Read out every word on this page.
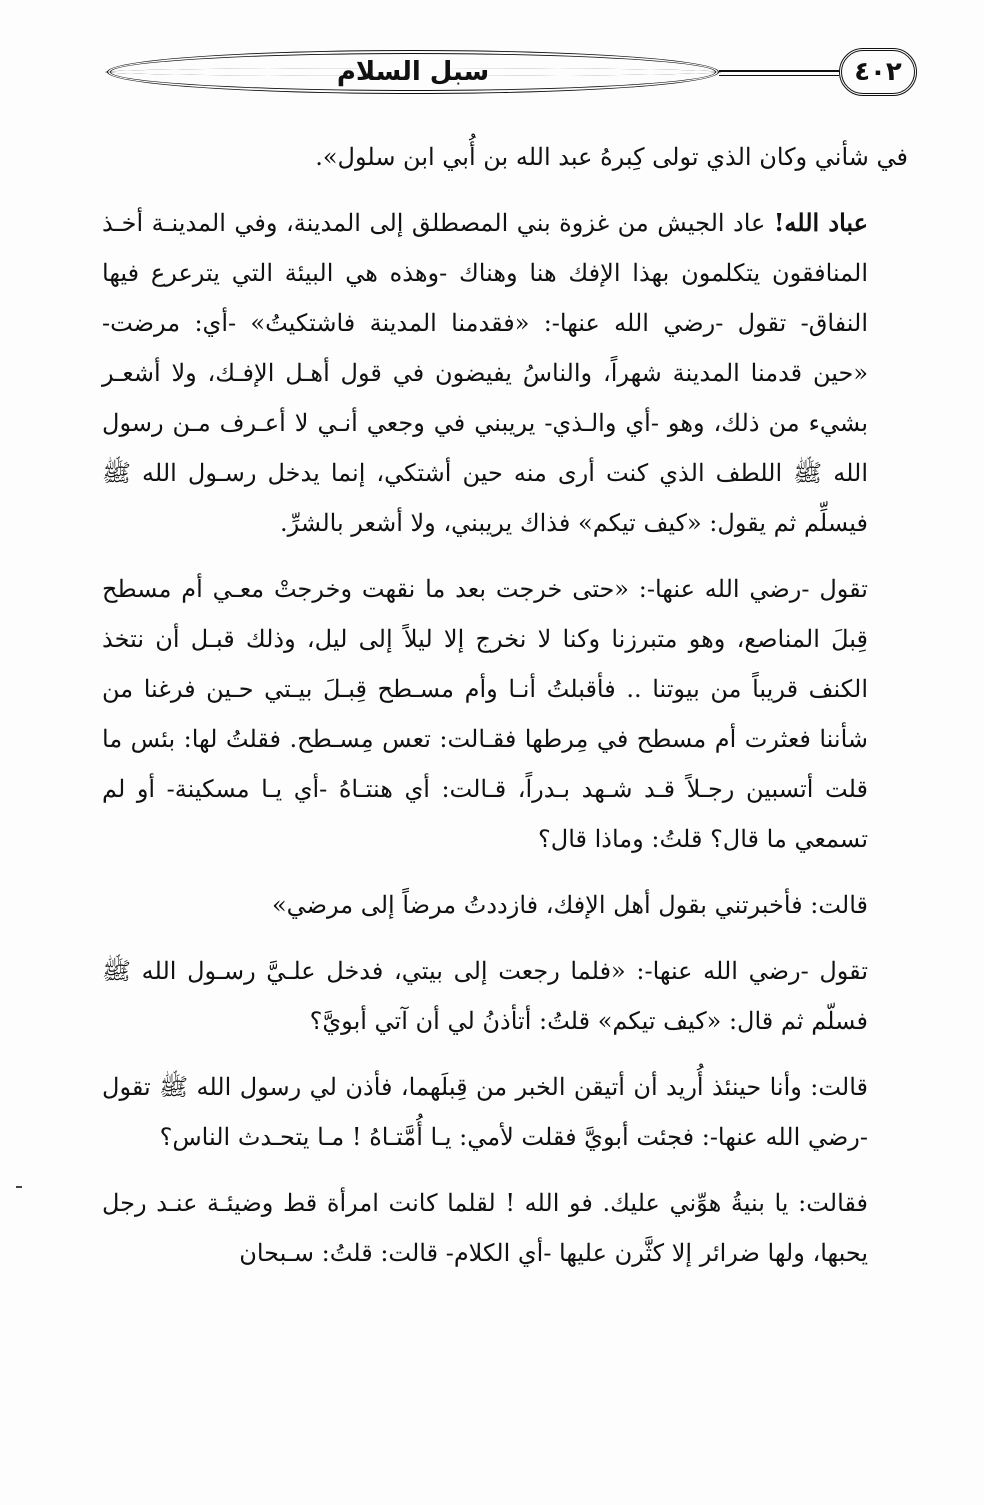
سبل السلام	٤٠٢

في شأني وكان الذي تولى كِبرهُ عبد الله بن أُبي ابن سلول».

عباد الله! عاد الجيش من غزوة بني المصطلق إلى المدينة، وفي المدينـة أخـذ المنافقون يتكلمون بهذا الإفك هنا وهناك -وهذه هي البيئة التي يترعرع فيها النفاق- تقول -رضي الله عنها-: «فقدمنا المدينة فاشتكيتُ» -أي: مرضت- «حين قدمنا المدينة شهراً، والناسُ يفيضون في قول أهـل الإفـك، ولا أشعـر بشيء من ذلك، وهو -أي والـذي- يريبني في وجعي أنـي لا أعـرف مـن رسول الله ﷺ اللطف الذي كنت أرى منه حين أشتكي، إنما يدخل رسـول الله ﷺ فيسلِّم ثم يقول: «كيف تيكم» فذاك يريبني، ولا أشعر بالشرِّ.

تقول -رضي الله عنها-: «حتى خرجت بعد ما نقهت وخرجتْ معـي أم مسطح قِبلَ المناصع، وهو متبرزنا وكنا لا نخرج إلا ليلاً إلى ليل، وذلك قبـل أن نتخذ الكنف قريباً من بيوتنا .. فأقبلتُ أنـا وأم مسـطح قِبـلَ بيـتي حـين فرغنا من شأننا فعثرت أم مسطح في مِرطها فقـالت: تعس مِسـطح. فقلتُ لها: بئس ما قلت أتسبين رجـلاً قـد شـهد بـدراً، قـالت: أي هنتـاهُ -أي يـا مسكينة- أو لم تسمعي ما قال؟ قلتُ: وماذا قال؟

قالت: فأخبرتني بقول أهل الإفك، فازددتُ مرضاً إلى مرضي»

تقول -رضي الله عنها-: «فلما رجعت إلى بيتي، فدخل علـيَّ رسـول الله ﷺ فسلّم ثم قال: «كيف تيكم» قلتُ: أتأذنُ لي أن آتي أبويَّ؟

قالت: وأنا حينئذ أُريد أن أتيقن الخبر من قِبلَهما، فأذن لي رسول الله ﷺ تقول -رضي الله عنها-: فجئت أبويَّ فقلت لأمي: يـا أُمَّتـاهُ ! مـا يتحـدث الناس؟

فقالت: يا بنيةُ هوِّني عليك. فو الله ! لقلما كانت امرأة قط وضيئـة عنـد رجل يحبها، ولها ضرائر إلا كثَّرن عليها -أي الكلام- قالت: قلتُ: سـبحان
